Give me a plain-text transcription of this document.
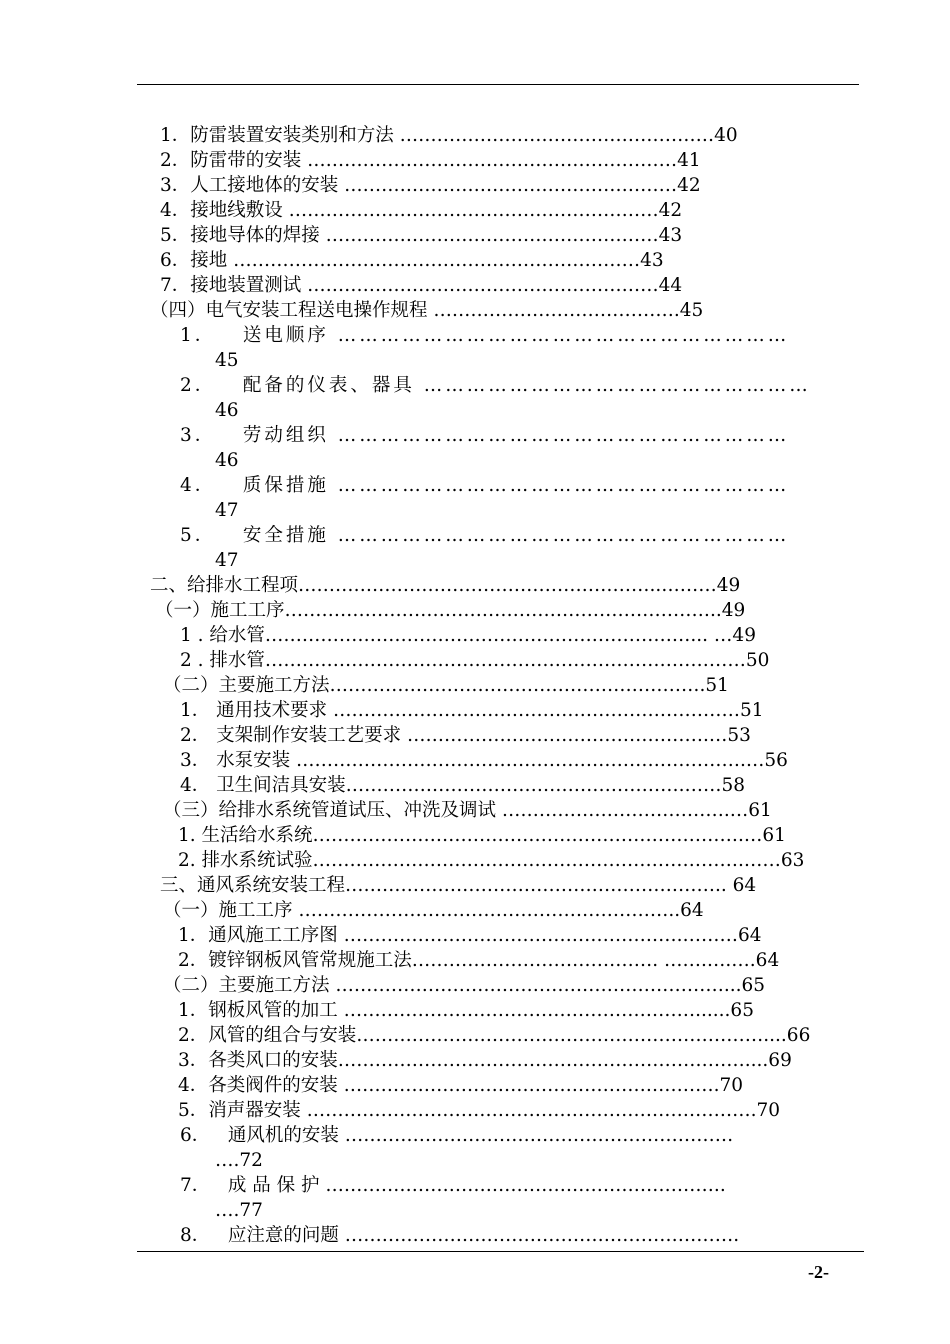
1．防雷装置安装类别和方法 ……………………………………………40
2．防雷带的安装 ……………………………………………………41
3．人工接地体的安装 ………………………………………………42
4．接地线敷设 ……………………………………………………42
5．接地导体的焊接 ………………………………………………43
6．接地 …………………………………………………………43
7．接地装置测试 …………………………………………………44
（四）电气安装工程送电操作规程 ………………………………….45
1．   送电顺序 ………………………………………………………
45
2．   配备的仪表、器具 ………………………………………………
46
3．   劳动组织 ………………………………………………………
46
4．   质保措施 ………………………………………………………
47
5．   安全措施 ………………………………………………………
47
二、给排水工程项…………………………………………………..………49
（一）施工工序……………………………………………………………..49
1 . 给水管……………………………………………………………... …49
2 . 排水管……………………………………………………………………50
（二）主要施工方法…………………………………………………….51
1． 通用技术要求 …………………………………………………………51
2． 支架制作安装工艺要求 ………………………………………….…53
3． 水泵安装 ……………………………………………………………….…56
4． 卫生间洁具安装……………………………………………….……58
（三）给排水系统管道试压、冲洗及调试 ……………………………….…61
1. 生活给水系统…………………………………………………………….…61
2. 排水系统试验…………………………………………………………….……63
三、通风系统安装工程…………………………………………………….. 64
（一）施工工序 ……………………………………………………..64
1．通风施工工序图 ……………………………………………….………64
2．镀锌钢板风管常规施工法…………………………………. …….….….64
（二）主要施工方法 ………………………………………………………...65
1．钢板风管的加工 …………………………………………………......65
2．风管的组合与安装…………………………………………………………....66
3．各类风口的安装…………………………………………………………....69
4．各类阀件的安装 …………………………………………………….70
5．消声器安装 ……………………………………………………………….70
6．   通风机的安装 ………………………………………………………
….72
7．   成 品 保 护 ………………………………………………………..
….77
8．   应注意的问题 ……………………………………………………….
-2-
